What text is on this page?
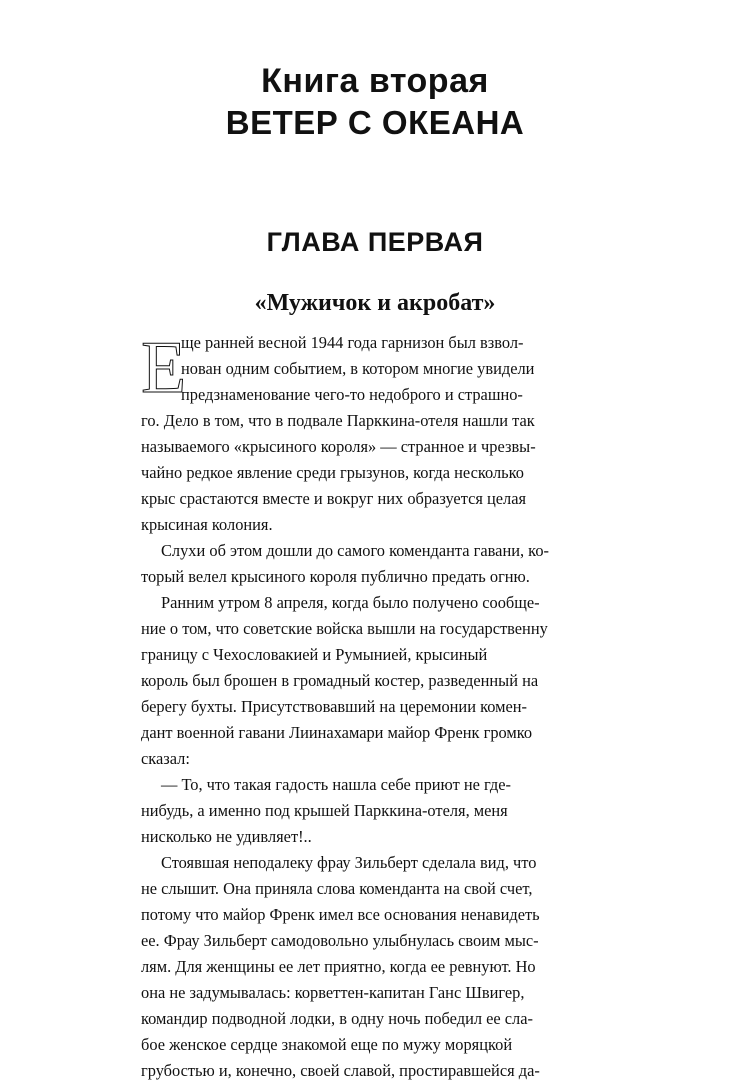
Книга вторая
ВЕТЕР С ОКЕАНА
ГЛАВА ПЕРВАЯ
«Мужичок и акробат»
Е
ще ранней весной 1944 года гарнизон был взвол-
нован одним событием, в котором многие увидели
предзнаменование чего-то недоброго и страшно-
го. Дело в том, что в подвале Парккина-отеля нашли так
называемого «крысиного короля» — странное и чрезвы-
чайно редкое явление среди грызунов, когда несколько
крыс срастаются вместе и вокруг них образуется целая
крысиная колония.
Слухи об этом дошли до самого коменданта гавани, ко-
торый велел крысиного короля публично предать огню.
Ранним утром 8 апреля, когда было получено сообще-
ние о том, что советские войска вышли на государственну
границу с Чехословакией и Румынией, крысиный
король был брошен в громадный костер, разведенный на
берегу бухты. Присутствовавший на церемонии комен-
дант военной гавани Лиинахамари майор Френк громко
сказал:
— То, что такая гадость нашла себе приют не где-
нибудь, а именно под крышей Парккина-отеля, меня
нисколько не удивляет!..
Стоявшая неподалеку фрау Зильберт сделала вид, что
не слышит. Она приняла слова коменданта на свой счет,
потому что майор Френк имел все основания ненавидеть
ее. Фрау Зильберт самодовольно улыбнулась своим мыс-
лям. Для женщины ее лет приятно, когда ее ревнуют. Но
она не задумывалась: корветтен-капитан Ганс Швигер,
командир подводной лодки, в одну ночь победил ее сла-
бое женское сердце знакомой еще по мужу моряцкой
грубостью и, конечно, своей славой, простиравшейся да-
